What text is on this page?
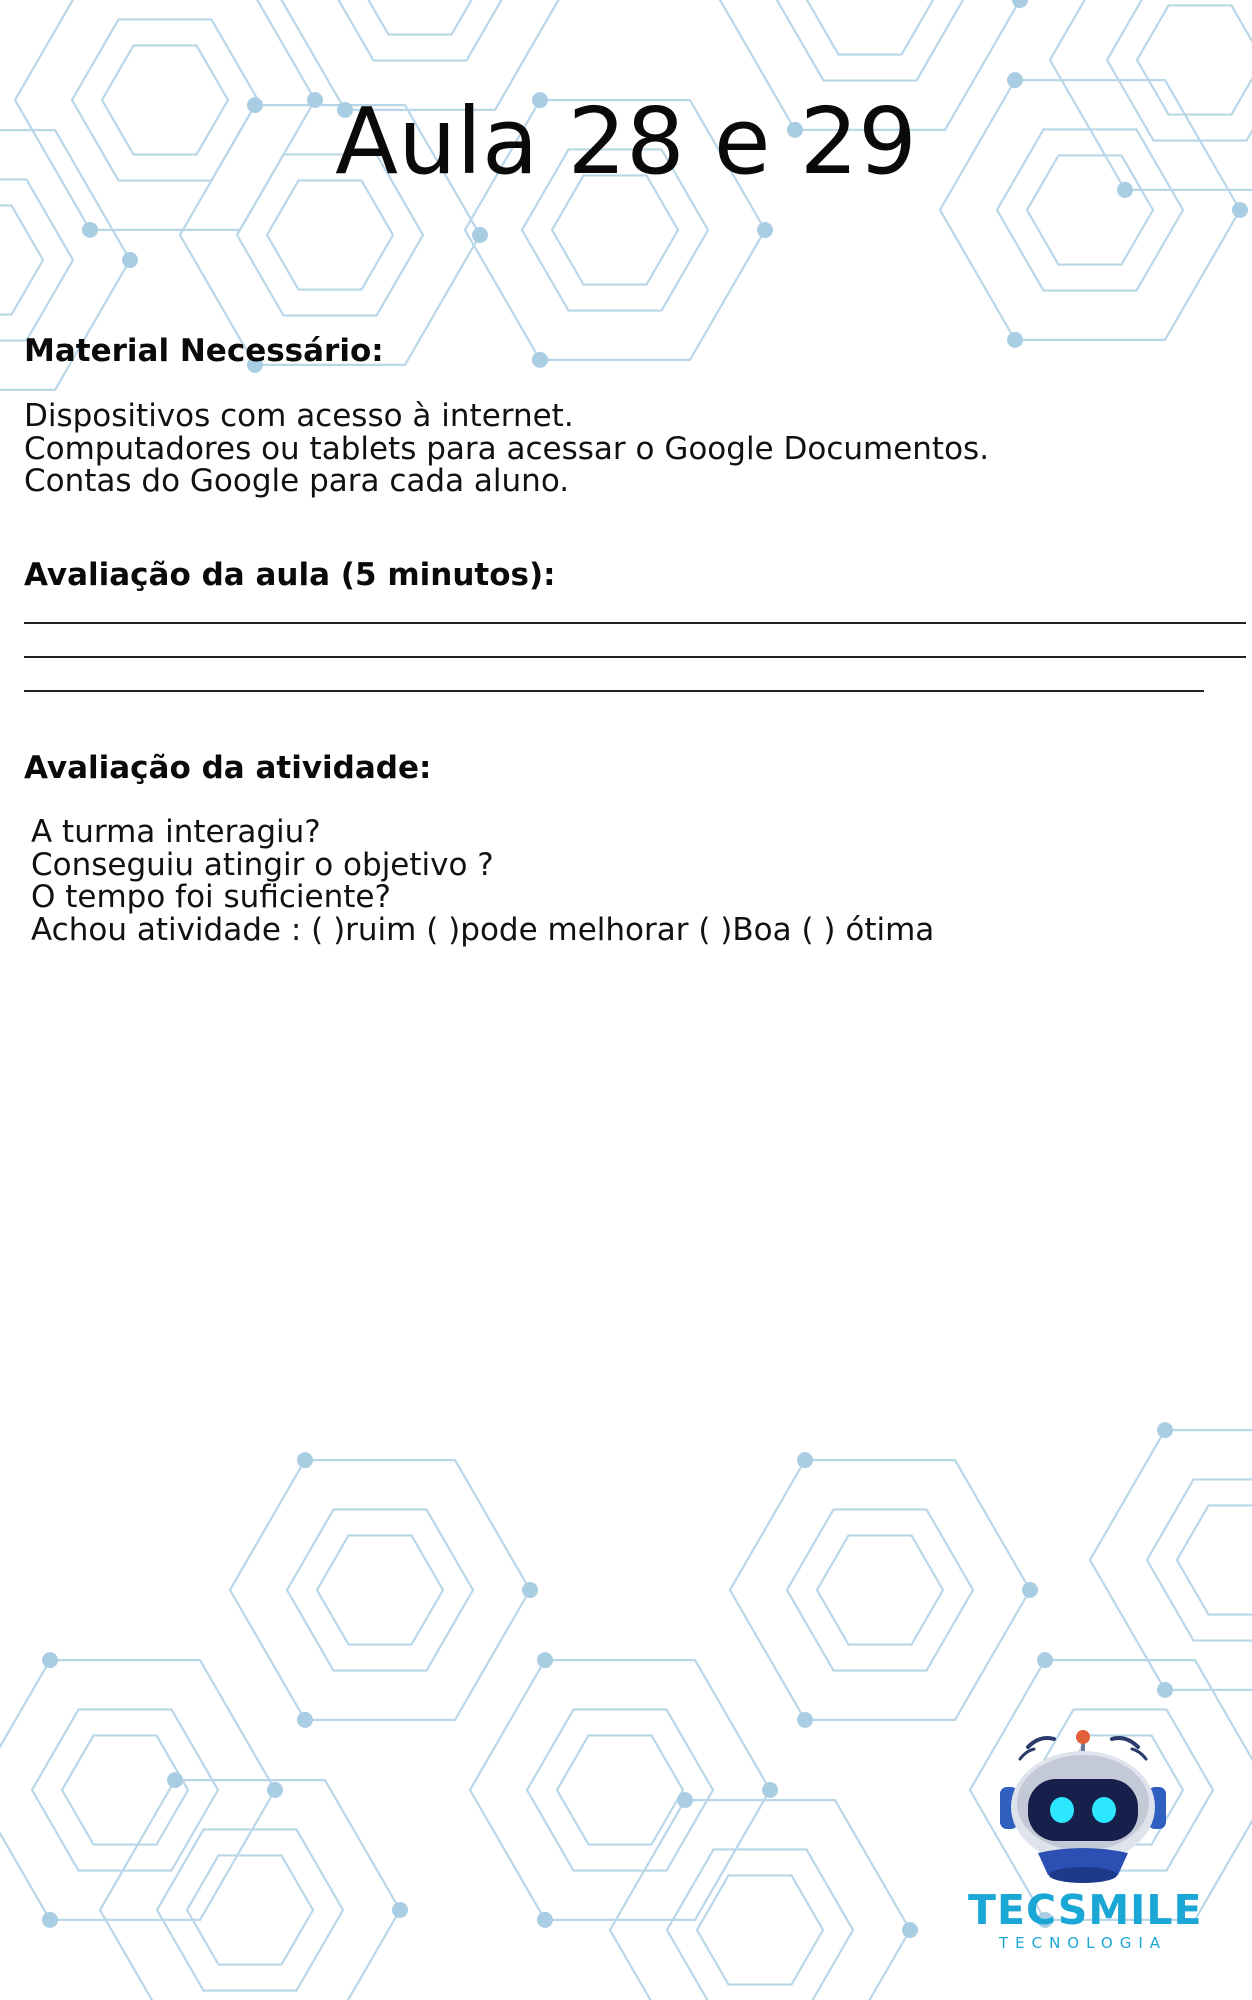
Aula 28 e 29
Material Necessário:
Dispositivos com acesso à internet.
Computadores ou tablets para acessar o Google Documentos.
Contas do Google para cada aluno.
Avaliação da aula (5 minutos):
Avaliação da atividade:
A turma interagiu?
Conseguiu atingir o objetivo ?
O tempo foi suficiente?
Achou atividade : ( )ruim ( )pode melhorar ( )Boa ( ) ótima
TECSMILE
TECNOLOGIA
